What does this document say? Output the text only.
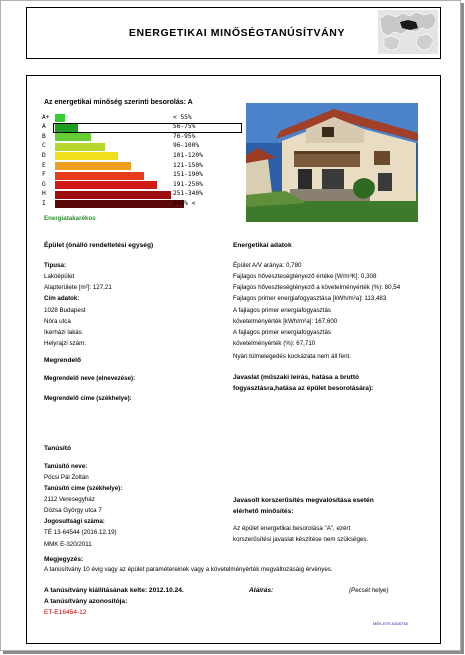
ENERGETIKAI MINŐSÉGTANÚSÍTVÁNY
Az energetikai minőség szerinti besorolás: A
Energiatakarékos
Épület (önálló rendeltetési egység)
Típusa:
Lakóépület
Alapterülete [m²]: 127,21
Cím adatok:
1028 Budapest
Nóra utca
Ikerházi lakás
Helyrajzi szám:
Energetikai adatok
Nyári túlmelegedés kockázata nem áll fent.
Megrendelő
Megrendelő neve (elnevezése):
Megrendelő címe (székhelye):
Javaslat (műszaki leírás, hatása a bruttó
fogyasztásra,hatása az épület besorolására):
Tanúsító
Tanúsító neve:
Pócsi Pál Zoltán
Tanúsító címe (székhelye):
2112 Veresegyház
Dózsa György utca 7
Jogosultsági száma:
TÉ 13-64544 (2016.12.19)
MMK E-320/2011
Javasolt korszerűsítés megvalósítása esetén
elérhető minősítés:
Az épület energetikai besorolása "A", ezért
korszerűsítési javaslat készítése nem szükséges.
Megjegyzés:
A tanúsítvány 10 évig vagy az épület paramétereinek vagy a követelményérték megváltozásáig érvényes.
A tanúsítvány kiállításának kelte: 2012.10.24.
A tanúsítvány azonosítója:
ET-E16454-12
Aláírás:	(Pecsét helye)
MÉK-ETK-6308738
A+	< 55%
A	56-75%
B	76-95%
C	96-100%
D	101-120%
E	121-150%
F	151-190%
G	191-250%
H	251-340%
I	341% <
Épület A/V aránya: 0,780
Fajlagos hőveszteségtényező értéke [W/m³K]: 0,308
Fajlagos hőveszteségtényező a követelményérték (%): 80,54
Fajlagos primer energiafogyasztása [kWh/m²a]: 113,483
A fajlagos primer energiafogyasztás
követelményérték [kWh/m²a]: 167,600
A fajlagos primer energiafogyasztás
követelményérték (%): 67,710
